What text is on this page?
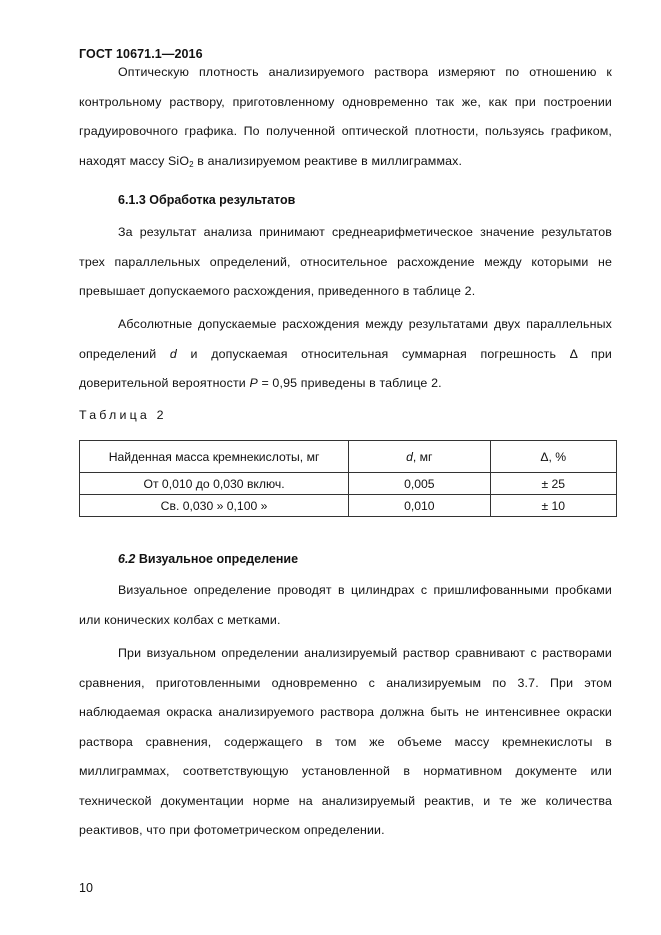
ГОСТ 10671.1—2016

Оптическую плотность анализируемого раствора измеряют по отношению к контрольному раствору, приготовленному одновременно так же, как при построении градуировочного графика. По полученной оптической плотности, пользуясь графиком, находят массу SiO$_2$ в анализируемом реактиве в миллиграммах.

6.1.3 Обработка результатов

За результат анализа принимают среднеарифметическое значение результатов трех параллельных определений, относительное расхождение между которыми не превышает допускаемого расхождения, приведенного в таблице 2.

Абсолютные допускаемые расхождения между результатами двух параллельных определений d и допускаемая относительная суммарная погрешность Δ при доверительной вероятности P = 0,95 приведены в таблице 2.

Таблица 2
Найденная масса кремнекислоты, мг	d, мг	Δ, %
От 0,010 до 0,030 включ.	0,005	± 25
Св. 0,030 » 0,100 »	0,010	± 10
6.2 Визуальное определение

Визуальное определение проводят в цилиндрах с пришлифованными пробками или конических колбах с метками.

При визуальном определении анализируемый раствор сравнивают с растворами сравнения, приготовленными одновременно с анализируемым по 3.7. При этом наблюдаемая окраска анализируемого раствора должна быть не интенсивнее окраски раствора сравнения, содержащего в том же объеме массу кремнекислоты в миллиграммах, соответствующую установленной в нормативном документе или технической документации норме на анализируемый реактив, и те же количества реактивов, что при фотометрическом определении.

10
